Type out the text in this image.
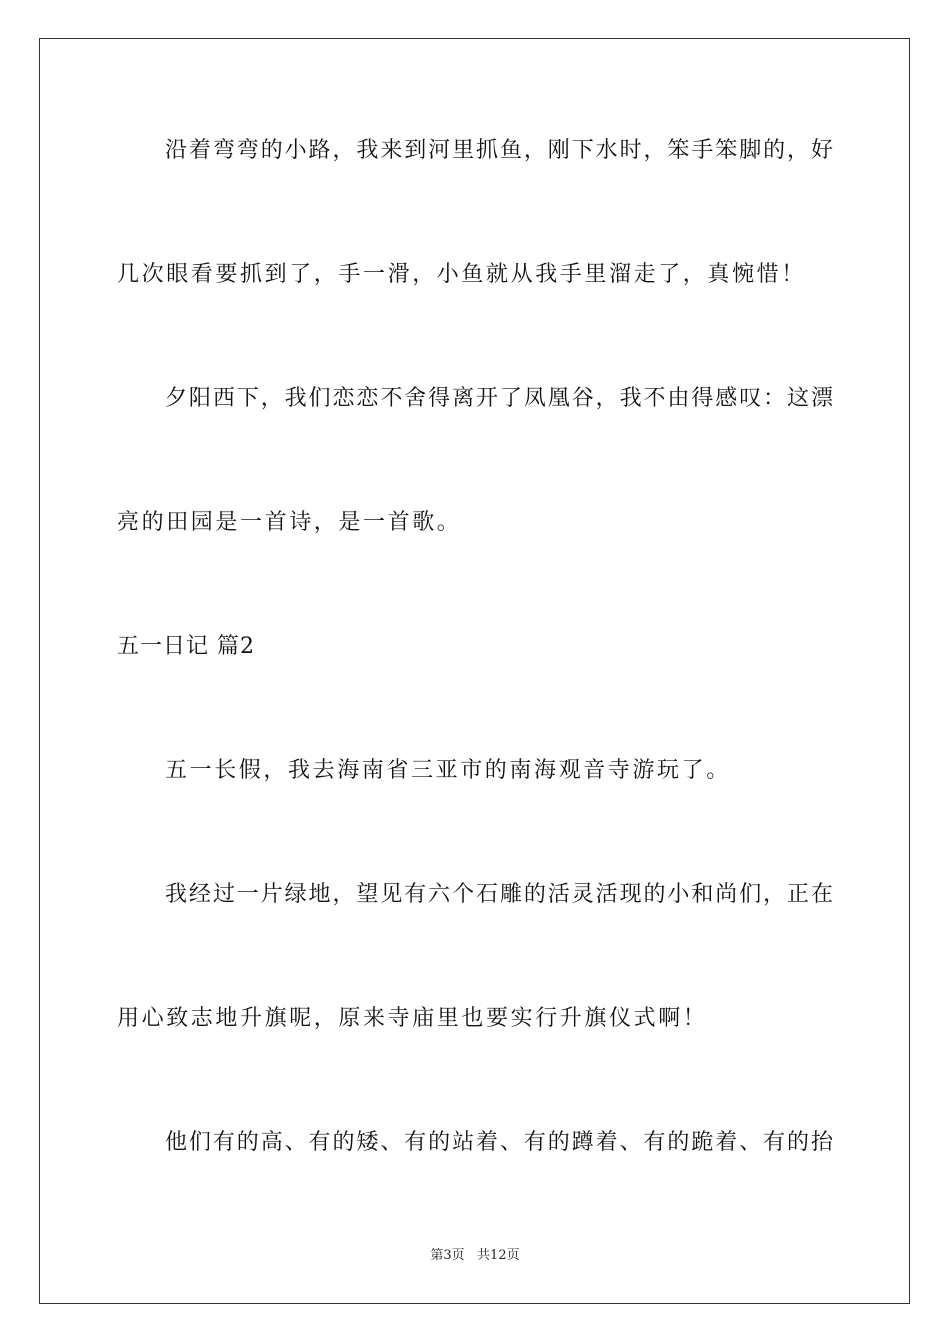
沿着弯弯的小路，我来到河里抓鱼，刚下水时，笨手笨脚的，好
几次眼看要抓到了，手一滑，小鱼就从我手里溜走了，真惋惜！
夕阳西下，我们恋恋不舍得离开了凤凰谷，我不由得感叹：这漂
亮的田园是一首诗，是一首歌。
五一日记 篇2
五一长假，我去海南省三亚市的南海观音寺游玩了。
我经过一片绿地，望见有六个石雕的活灵活现的小和尚们，正在
用心致志地升旗呢，原来寺庙里也要实行升旗仪式啊！
他们有的高、有的矮、有的站着、有的蹲着、有的跪着、有的抬
第3页   共12页
